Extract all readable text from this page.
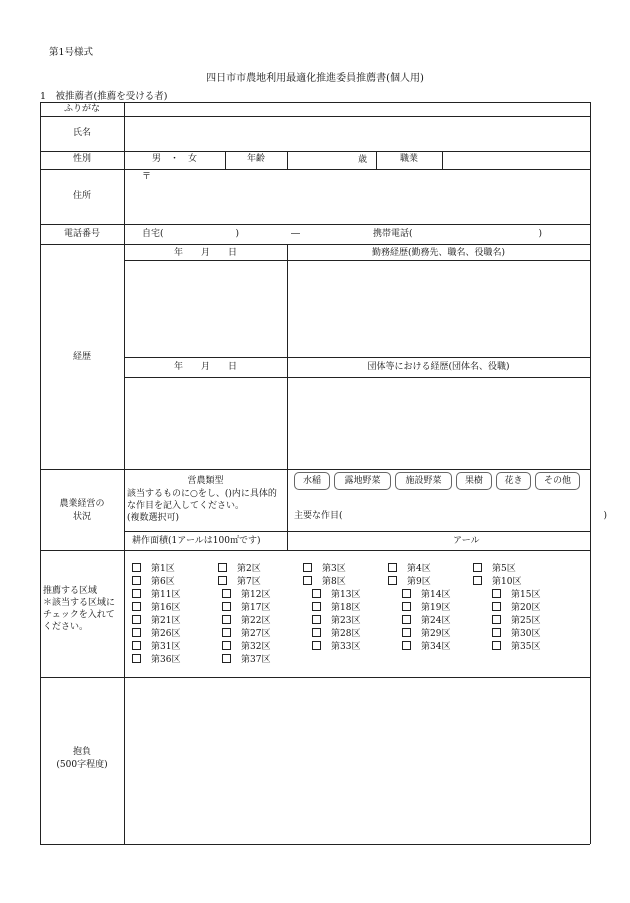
第1号様式
四日市市農地利用最適化推進委員推薦書(個人用)
1　被推薦者(推薦を受ける者)
ふりがな
氏名
性別	男　・　女	年齢	歳	職業
住所
〒
電話番号	自宅(　　　　　　　　)	―	携帯電話(　　　　　　　　　　　　　　)
経歴
年　　月　　日	勤務経歴(勤務先、職名、役職名)
年　　月　　日	団体等における経歴(団体名、役職)
農業経営の
状況
営農類型
該当するものに○をし、()内に具体的な作目を記入してください。
(複数選択可)
水稲	露地野菜	施設野菜	果樹	花き	その他
主要な作目(　　　　　　　　　　　　　　　　　　　　　　　　　　　　　)
耕作面積(1アールは100㎡です)	アール
推薦する区域
＊該当する区域にチェックを入れてください。
第1区	第2区	第3区	第4区	第5区
第6区	第7区	第8区	第9区	第10区
第11区	第12区	第13区	第14区	第15区
第16区	第17区	第18区	第19区	第20区
第21区	第22区	第23区	第24区	第25区
第26区	第27区	第28区	第29区	第30区
第31区	第32区	第33区	第34区	第35区
第36区	第37区
抱負
(500字程度)
